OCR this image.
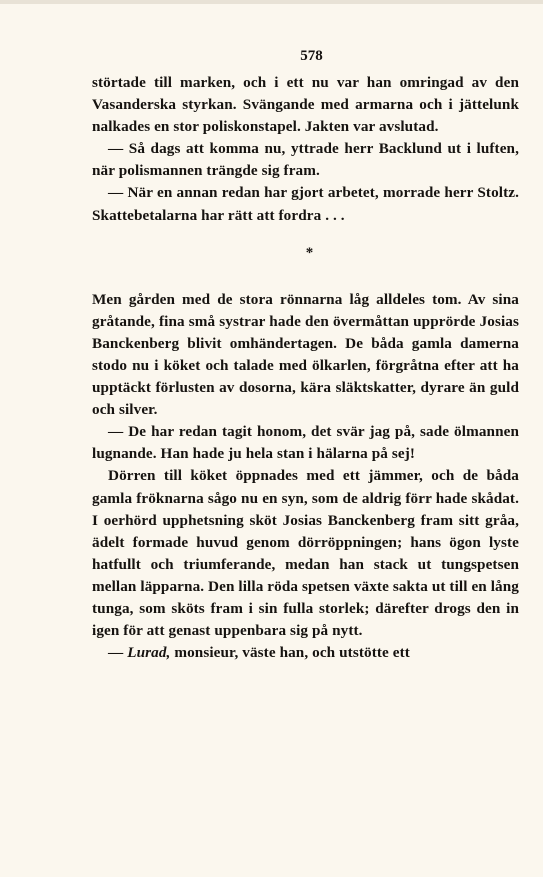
578

störtade till marken, och i ett nu var han omringad av den Vasanderska styrkan. Svängande med armarna och i jättelunk nalkades en stor poliskonstapel. Jakten var avslutad.

— Så dags att komma nu, yttrade herr Backlund ut i luften, när polismannen trängde sig fram.

— När en annan redan har gjort arbetet, morrade herr Stoltz. Skattebetalarna har rätt att fordra . . .

*

Men gården med de stora rönnarna låg alldeles tom. Av sina gråtande, fina små systrar hade den övermåttan upprörde Josias Banckenberg blivit omhändertagen. De båda gamla damerna stodo nu i köket och talade med ölkarlen, förgråtna efter att ha upptäckt förlusten av dosorna, kära släktskatter, dyrare än guld och silver.

— De har redan tagit honom, det svär jag på, sade ölmannen lugnande. Han hade ju hela stan i hälarna på sej!

Dörren till köket öppnades med ett jämmer, och de båda gamla fröknarna sågo nu en syn, som de aldrig förr hade skådat. I oerhörd upphetsning sköt Josias Banckenberg fram sitt gråa, ädelt formade huvud genom dörröppningen; hans ögon lyste hatfullt och triumferande, medan han stack ut tungspetsen mellan läpparna. Den lilla röda spetsen växte sakta ut till en lång tunga, som sköts fram i sin fulla storlek; därefter drogs den in igen för att genast uppenbara sig på nytt.

— Lurad, monsieur, väste han, och utstötte ett
